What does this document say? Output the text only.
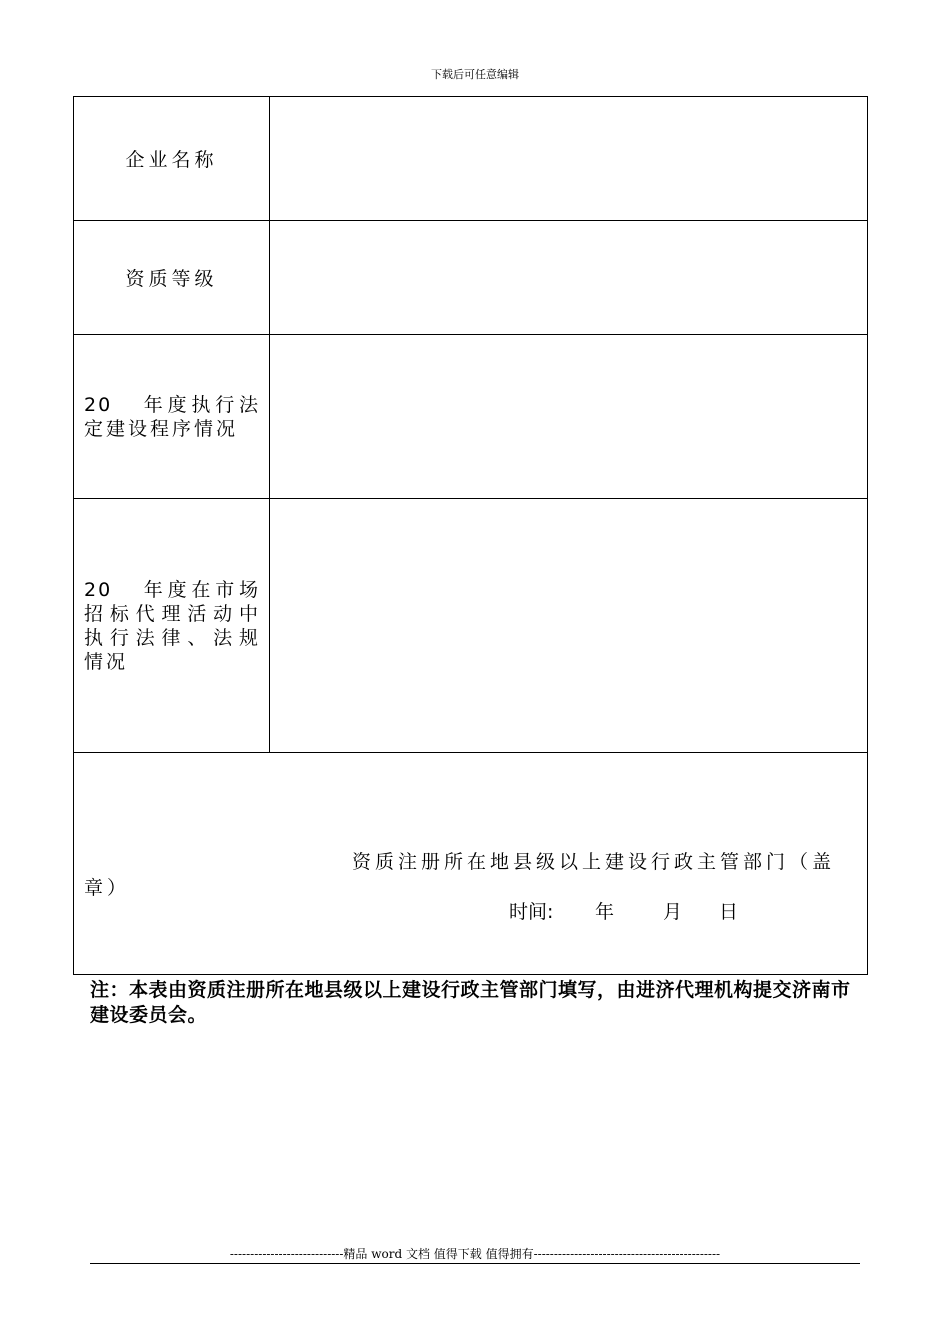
下载后可任意编辑
企业名称	
资质等级	

20 年度执行法
定建设程序情况	

20 年度在市场
招标代理活动中
执行法律、法规
情况	

资质注册所在地县级以上建设行政主管部门（盖
章）
时间: 年 月 日	
注：本表由资质注册所在地县级以上建设行政主管部门填写，由进济代理机构提交济南市建设委员会。
----------------------------精品 word 文档 值得下载 值得拥有----------------------------------------------
